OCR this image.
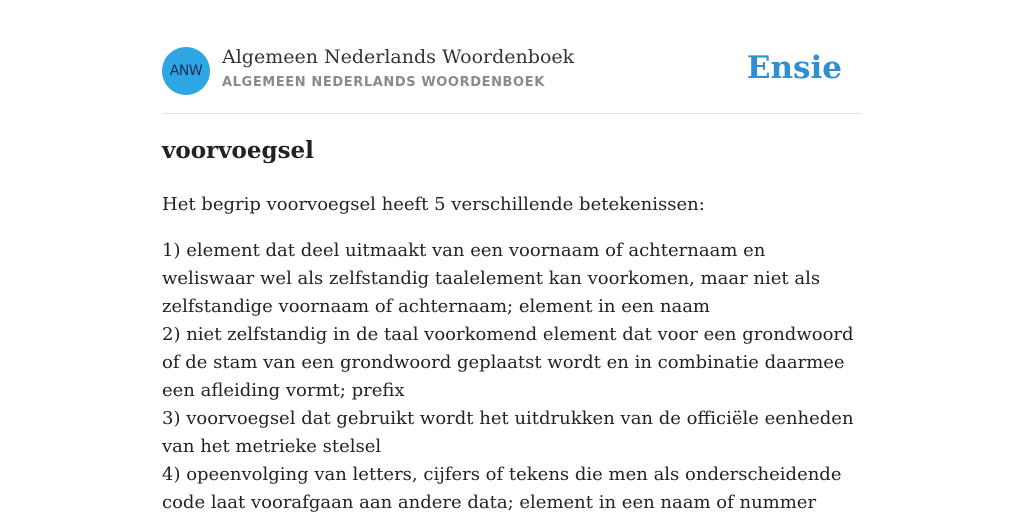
ANW
Algemeen Nederlands Woordenboek
ALGEMEEN NEDERLANDS WOORDENBOEK	Ensie
voorvoegsel

Het begrip voorvoegsel heeft 5 verschillende betekenissen:

1) element dat deel uitmaakt van een voornaam of achternaam en weliswaar wel als zelfstandig taalelement kan voorkomen, maar niet als zelfstandige voornaam of achternaam; element in een naam
2) niet zelfstandig in de taal voorkomend element dat voor een grondwoord of de stam van een grondwoord geplaatst wordt en in combinatie daarmee een afleiding vormt; prefix
3) voorvoegsel dat gebruikt wordt het uitdrukken van de officiële eenheden van het metrieke stelsel
4) opeenvolging van letters, cijfers of tekens die men als onderscheidende code laat voorafgaan aan andere data; element in een naam of nummer
